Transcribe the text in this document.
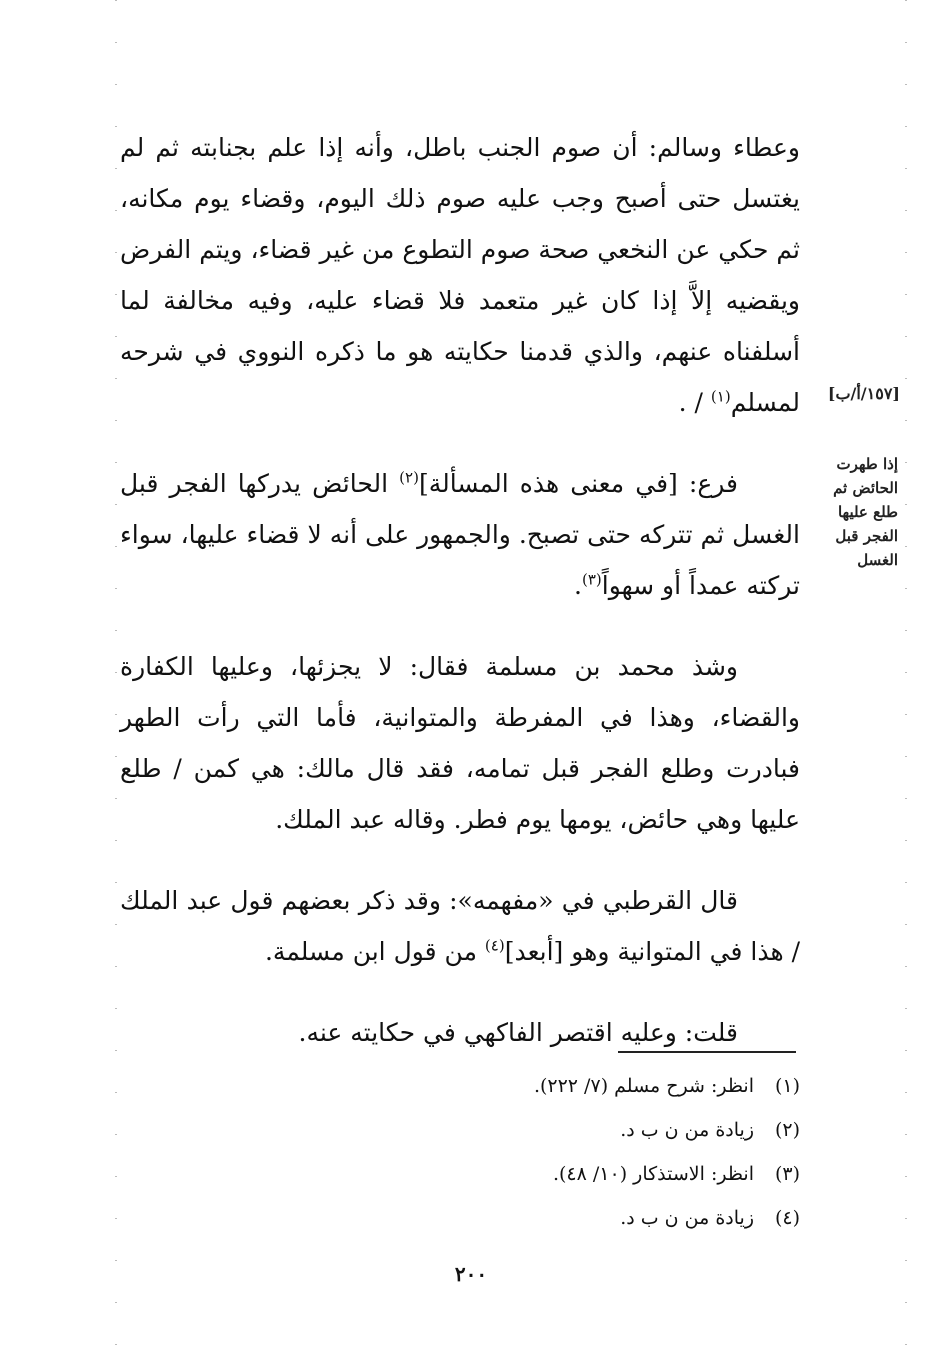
وعطاء وسالم: أن صوم الجنب باطل، وأنه إذا علم بجنابته ثم لم يغتسل حتى أصبح وجب عليه صوم ذلك اليوم، وقضاء يوم مكانه، ثم حكي عن النخعي صحة صوم التطوع من غير قضاء، ويتم الفرض ويقضيه إلاَّ إذا كان غير متعمد فلا قضاء عليه، وفيه مخالفة لما أسلفناه عنهم، والذي قدمنا حكايته هو ما ذكره النووي في شرحه لمسلم$^{(١)}$ / .

فرع: [في معنى هذه المسألة]$^{(٢)}$ الحائض يدركها الفجر قبل الغسل ثم تتركه حتى تصبح. والجمهور على أنه لا قضاء عليها، سواء تركته عمداً أو سهواً$^{(٣)}$.

وشذ محمد بن مسلمة فقال: لا يجزئها، وعليها الكفارة والقضاء، وهذا في المفرطة والمتوانية، فأما التي رأت الطهر فبادرت وطلع الفجر قبل تمامه، فقد قال مالك: هي كمن / طلع عليها وهي حائض، يومها يوم فطر. وقاله عبد الملك.

قال القرطبي في «مفهمه»: وقد ذكر بعضهم قول عبد الملك / هذا في المتوانية وهو [أبعد]$^{(٤)}$ من قول ابن مسلمة.

قلت: وعليه اقتصر الفاكهي في حكايته عنه.

[١٥٧/أ/ب]
إذا طهرت الحائض ثم طلع عليها الفجر قبل الغسل
(١)
انظر: شرح مسلم (٧/ ٢٢٢).
(٢)
زيادة من ن ب د.
(٣)
انظر: الاستذكار (١٠/ ٤٨).
(٤)
زيادة من ن ب د.
٢٠٠
